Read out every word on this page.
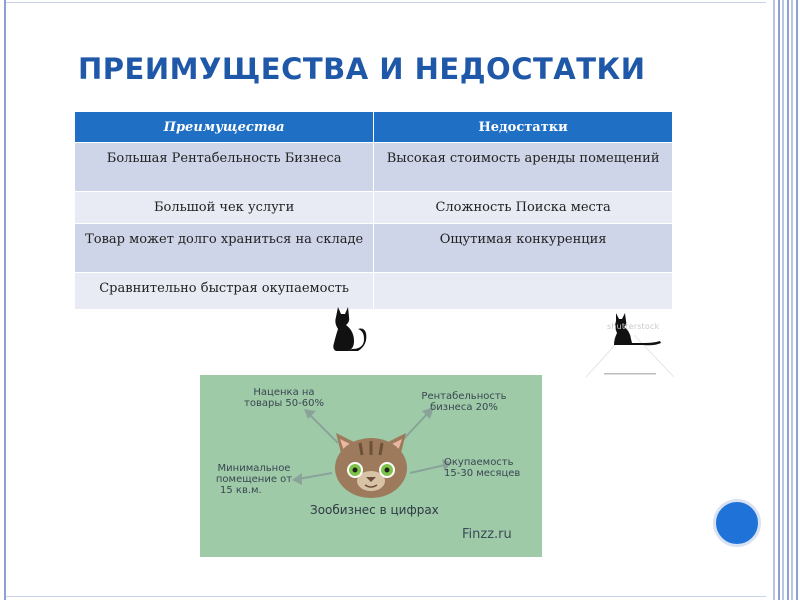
ПРЕИМУЩЕСТВА И НЕДОСТАТКИ
Преимущества	Недостатки
Большая Рентабельность Бизнеса	Высокая стоимость аренды помещений
Большой чек услуги	Сложность Поиска места
Товар может долго храниться на складе	Ощутимая конкуренция
Сравнительно быстрая окупаемость	
shutterstock
Наценка на
товары 50-60%
Рентабельность
бизнеса 20%
Минимальное
помещение от
15 кв.м.
Окупаемость
15-30 месяцев
Зообизнес в цифрах
Finzz.ru
